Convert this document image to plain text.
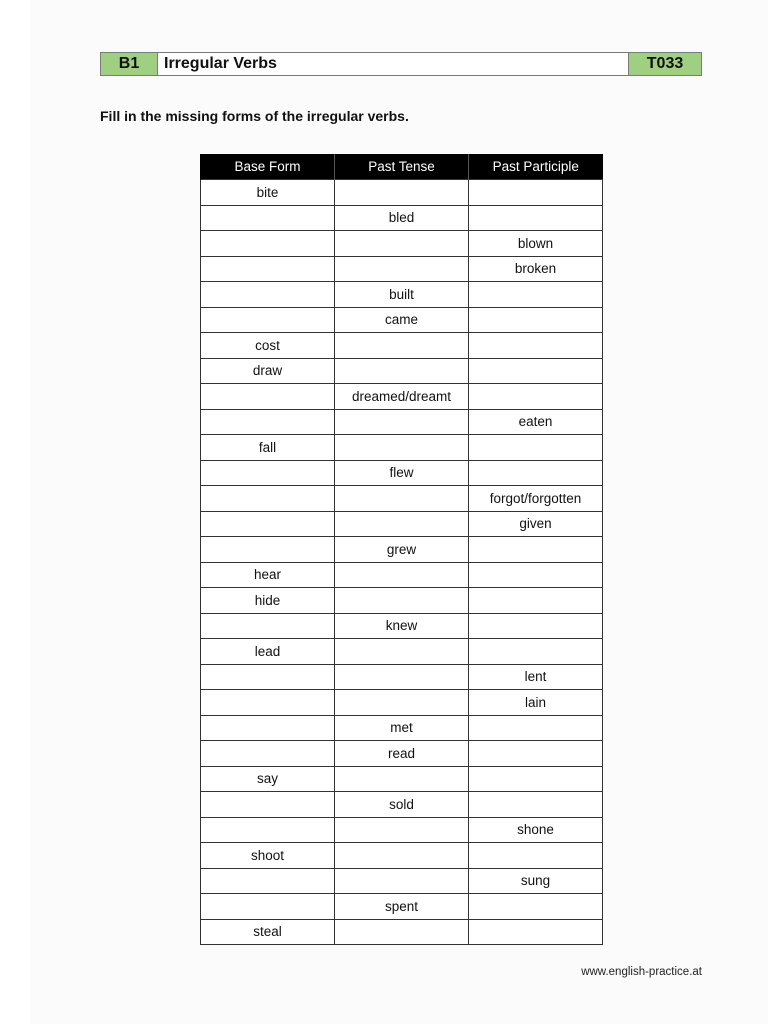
B1	Irregular Verbs	T033
Fill in the missing forms of the irregular verbs.
Base Form	Past Tense	Past Participle
bite		
	bled	
		blown
		broken
	built	
	came	
cost		
draw		
	dreamed/dreamt	
		eaten
fall		
	flew	
		forgot/forgotten
		given
	grew	
hear		
hide		
	knew	
lead		
		lent
		lain
	met	
	read	
say		
	sold	
		shone
shoot		
		sung
	spent	
steal		
www.english-practice.at
